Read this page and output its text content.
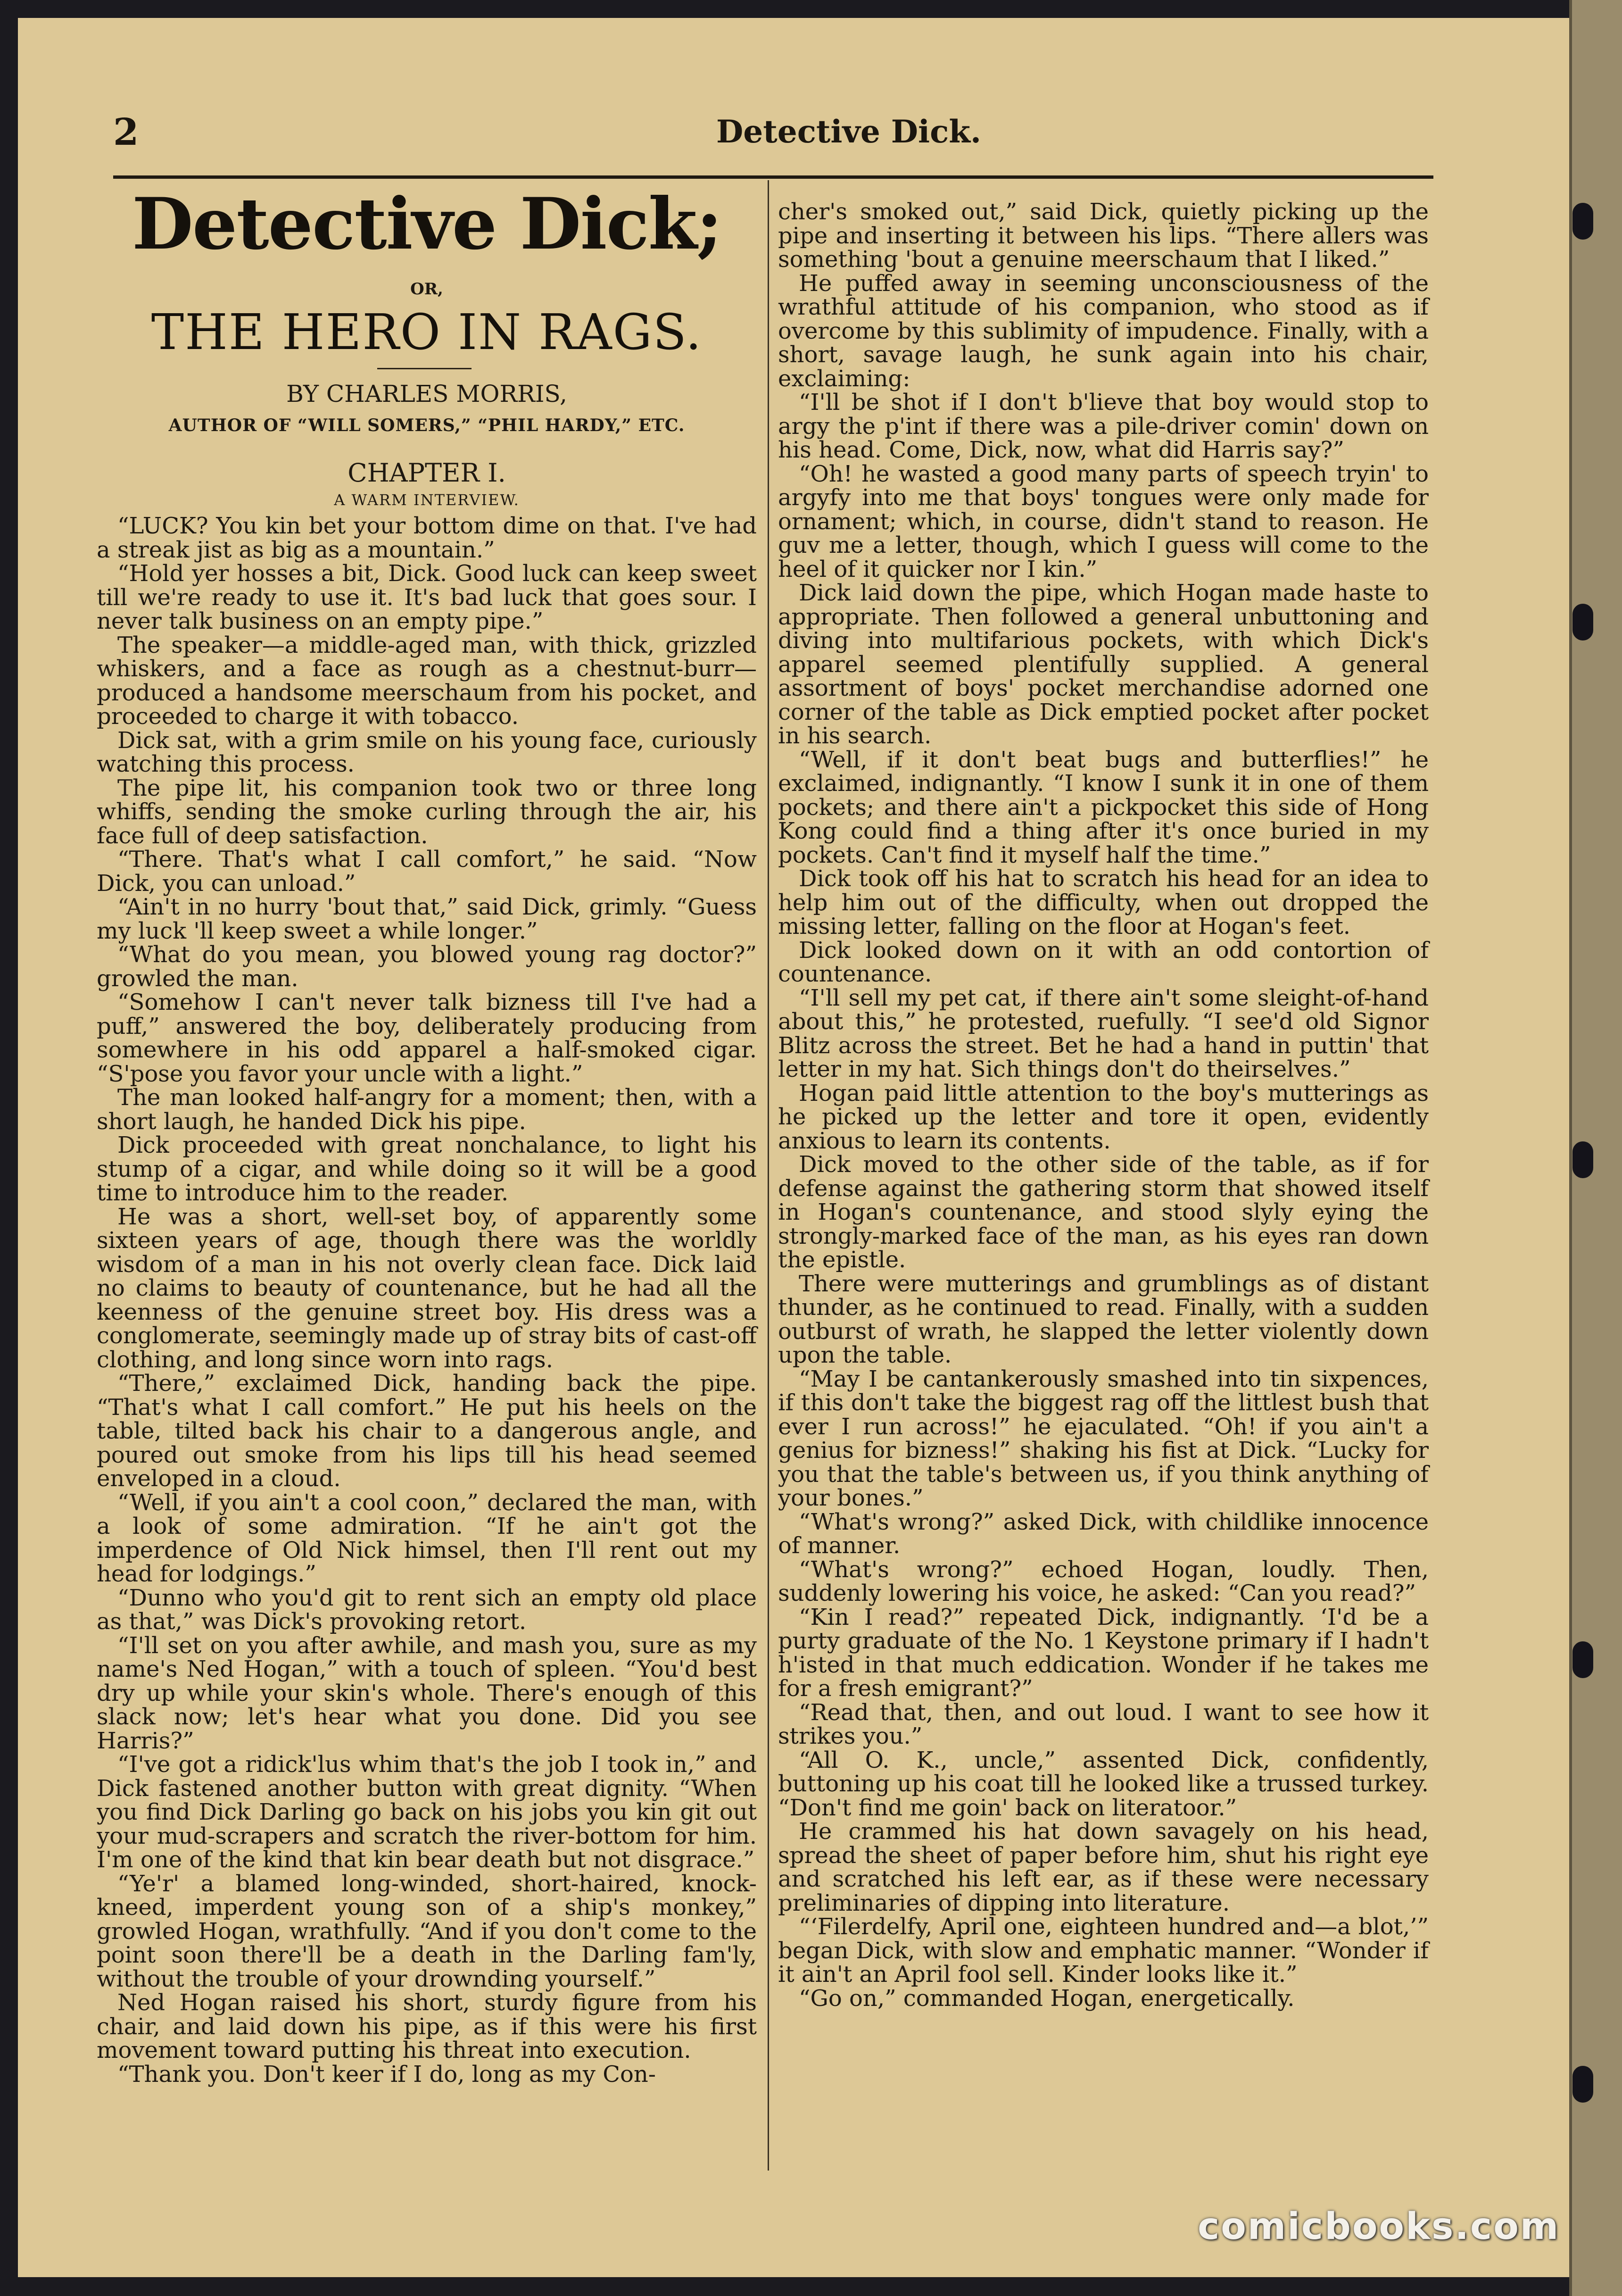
2	Detective Dick.
Detective Dick;
OR,
THE HERO IN RAGS.
BY CHARLES MORRIS,
AUTHOR OF “WILL SOMERS,” “PHIL HARDY,” ETC.
CHAPTER I.
A WARM INTERVIEW.

“LUCK? You kin bet your bottom dime on that. I've had a streak jist as big as a mountain.”

“Hold yer hosses a bit, Dick. Good luck can keep sweet till we're ready to use it. It's bad luck that goes sour. I never talk business on an empty pipe.”

The speaker—a middle-aged man, with thick, grizzled whiskers, and a face as rough as a chestnut-burr—produced a handsome meerschaum from his pocket, and proceeded to charge it with tobacco.

Dick sat, with a grim smile on his young face, curiously watching this process.

The pipe lit, his companion took two or three long whiffs, sending the smoke curling through the air, his face full of deep satisfaction.

“There. That's what I call comfort,” he said. “Now Dick, you can unload.”

“Ain't in no hurry 'bout that,” said Dick, grimly. “Guess my luck 'll keep sweet a while longer.”

“What do you mean, you blowed young rag doctor?” growled the man.

“Somehow I can't never talk bizness till I've had a puff,” answered the boy, deliberately producing from somewhere in his odd apparel a half-smoked cigar. “S'pose you favor your uncle with a light.”

The man looked half-angry for a moment; then, with a short laugh, he handed Dick his pipe.

Dick proceeded with great nonchalance, to light his stump of a cigar, and while doing so it will be a good time to introduce him to the reader.

He was a short, well-set boy, of apparently some sixteen years of age, though there was the worldly wisdom of a man in his not overly clean face. Dick laid no claims to beauty of countenance, but he had all the keenness of the genuine street boy. His dress was a conglomerate, seemingly made up of stray bits of cast-off clothing, and long since worn into rags.

“There,” exclaimed Dick, handing back the pipe. “That's what I call comfort.” He put his heels on the table, tilted back his chair to a dangerous angle, and poured out smoke from his lips till his head seemed enveloped in a cloud.

“Well, if you ain't a cool coon,” declared the man, with a look of some admiration. “If he ain't got the imperdence of Old Nick himsel, then I'll rent out my head for lodgings.”

“Dunno who you'd git to rent sich an empty old place as that,” was Dick's provoking retort.

“I'll set on you after awhile, and mash you, sure as my name's Ned Hogan,” with a touch of spleen. “You'd best dry up while your skin's whole. There's enough of this slack now; let's hear what you done. Did you see Harris?”

“I've got a ridick'lus whim that's the job I took in,” and Dick fastened another button with great dignity. “When you find Dick Darling go back on his jobs you kin git out your mud-scrapers and scratch the river-bottom for him. I'm one of the kind that kin bear death but not disgrace.”

“Ye'r' a blamed long-winded, short-haired, knock-kneed, imperdent young son of a ship's monkey,” growled Hogan, wrathfully. “And if you don't come to the point soon there'll be a death in the Darling fam'ly, without the trouble of your drownding yourself.”

Ned Hogan raised his short, sturdy figure from his chair, and laid down his pipe, as if this were his first movement toward putting his threat into execution.

“Thank you. Don't keer if I do, long as my Con-

cher's smoked out,” said Dick, quietly picking up the pipe and inserting it between his lips. “There allers was something 'bout a genuine meerschaum that I liked.”

He puffed away in seeming unconsciousness of the wrathful attitude of his companion, who stood as if overcome by this sublimity of impudence. Finally, with a short, savage laugh, he sunk again into his chair, exclaiming:

“I'll be shot if I don't b'lieve that boy would stop to argy the p'int if there was a pile-driver comin' down on his head. Come, Dick, now, what did Harris say?”

“Oh! he wasted a good many parts of speech tryin' to argyfy into me that boys' tongues were only made for ornament; which, in course, didn't stand to reason. He guv me a letter, though, which I guess will come to the heel of it quicker nor I kin.”

Dick laid down the pipe, which Hogan made haste to appropriate. Then followed a general unbuttoning and diving into multifarious pockets, with which Dick's apparel seemed plentifully supplied. A general assortment of boys' pocket merchandise adorned one corner of the table as Dick emptied pocket after pocket in his search.

“Well, if it don't beat bugs and butterflies!” he exclaimed, indignantly. “I know I sunk it in one of them pockets; and there ain't a pickpocket this side of Hong Kong could find a thing after it's once buried in my pockets. Can't find it myself half the time.”

Dick took off his hat to scratch his head for an idea to help him out of the difficulty, when out dropped the missing letter, falling on the floor at Hogan's feet.

Dick looked down on it with an odd contortion of countenance.

“I'll sell my pet cat, if there ain't some sleight-of-hand about this,” he protested, ruefully. “I see'd old Signor Blitz across the street. Bet he had a hand in puttin' that letter in my hat. Sich things don't do theirselves.”

Hogan paid little attention to the boy's mutterings as he picked up the letter and tore it open, evidently anxious to learn its contents.

Dick moved to the other side of the table, as if for defense against the gathering storm that showed itself in Hogan's countenance, and stood slyly eying the strongly-marked face of the man, as his eyes ran down the epistle.

There were mutterings and grumblings as of distant thunder, as he continued to read. Finally, with a sudden outburst of wrath, he slapped the letter violently down upon the table.

“May I be cantankerously smashed into tin sixpences, if this don't take the biggest rag off the littlest bush that ever I run across!” he ejaculated. “Oh! if you ain't a genius for bizness!” shaking his fist at Dick. “Lucky for you that the table's between us, if you think anything of your bones.”

“What's wrong?” asked Dick, with childlike innocence of manner.

“What's wrong?” echoed Hogan, loudly. Then, suddenly lowering his voice, he asked: “Can you read?”

“Kin I read?” repeated Dick, indignantly. ‘I'd be a purty graduate of the No. 1 Keystone primary if I hadn't h'isted in that much eddication. Wonder if he takes me for a fresh emigrant?”

“Read that, then, and out loud. I want to see how it strikes you.”

“All O. K., uncle,” assented Dick, confidently, buttoning up his coat till he looked like a trussed turkey. “Don't find me goin' back on literatoor.”

He crammed his hat down savagely on his head, spread the sheet of paper before him, shut his right eye and scratched his left ear, as if these were necessary preliminaries of dipping into literature.

“‘Filerdelfy, April one, eighteen hundred and—a blot,’” began Dick, with slow and emphatic manner. “Wonder if it ain't an April fool sell. Kinder looks like it.”

“Go on,” commanded Hogan, energetically.

comicbooks.com
